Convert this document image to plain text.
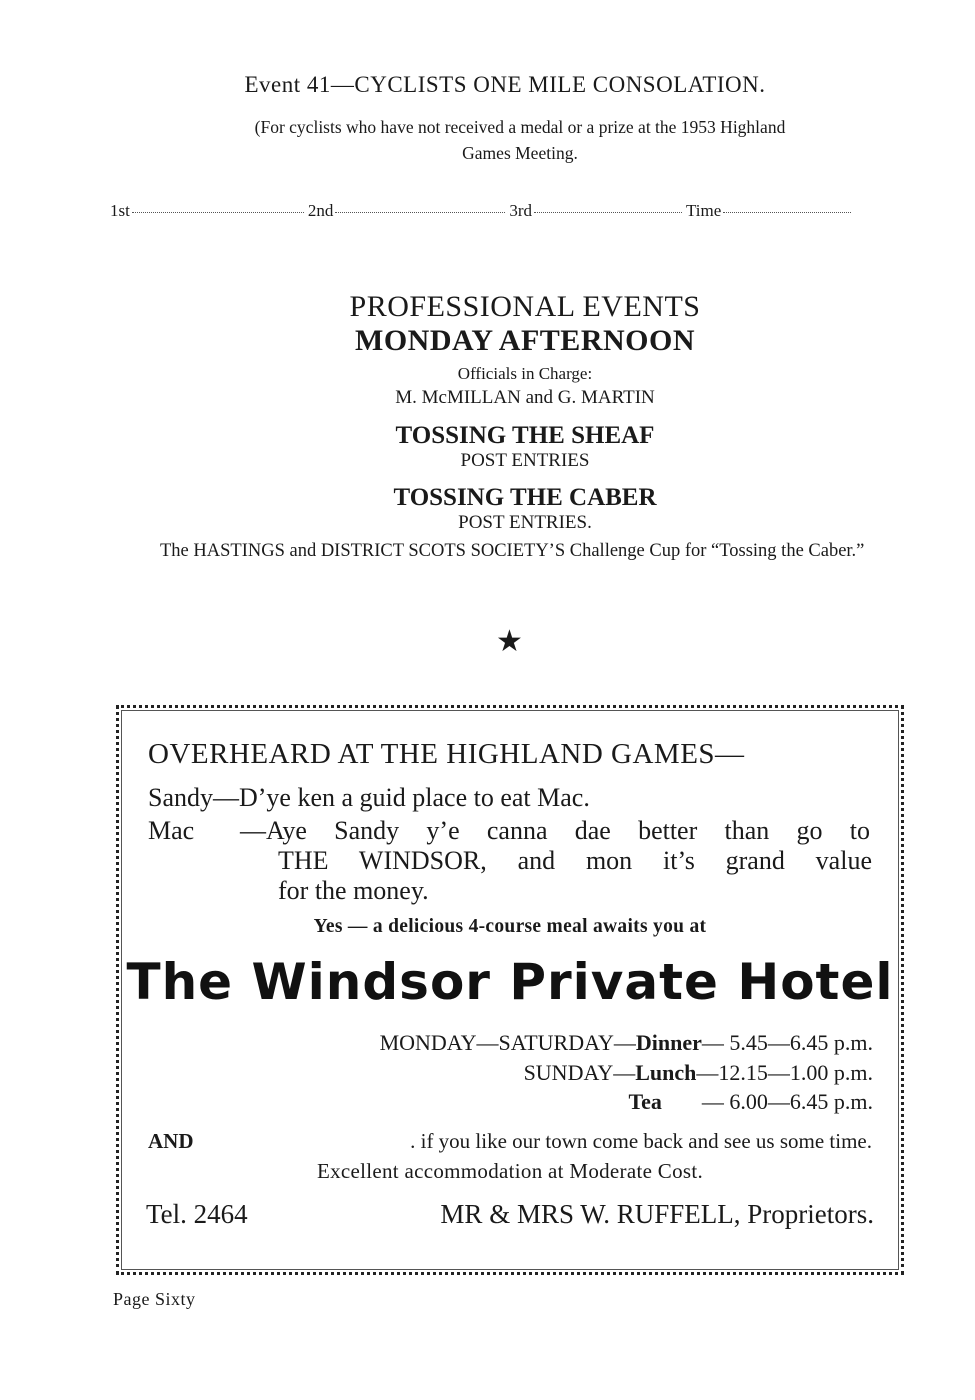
Event 41—CYCLISTS ONE MILE CONSOLATION.
(For cyclists who have not received a medal or a prize at the 1953 Highland
Games Meeting.
1st	2nd	3rd	Time
PROFESSIONAL EVENTS
MONDAY AFTERNOON
Officials in Charge:
M. McMILLAN and G. MARTIN
TOSSING THE SHEAF
POST ENTRIES
TOSSING THE CABER
POST ENTRIES.
The HASTINGS and DISTRICT SCOTS SOCIETY’S Challenge Cup for “Tossing the Caber.”
★
OVERHEARD AT THE HIGHLAND GAMES—
Sandy—D’ye ken a guid place to eat Mac.
Mac —Aye Sandy y’e canna dae better than go to
THE WINDSOR, and mon it’s grand value
for the money.
Yes — a delicious 4-course meal awaits you at
The Windsor Private Hotel
MONDAY—SATURDAY—Dinner— 5.45—6.45 p.m.
SUNDAY—Lunch—12.15—1.00 p.m.
Tea — 6.00—6.45 p.m.
AND	. if you like our town come back and see us some time.
Excellent accommodation at Moderate Cost.
Tel. 2464	MR & MRS W. RUFFELL, Proprietors.
Page Sixty
